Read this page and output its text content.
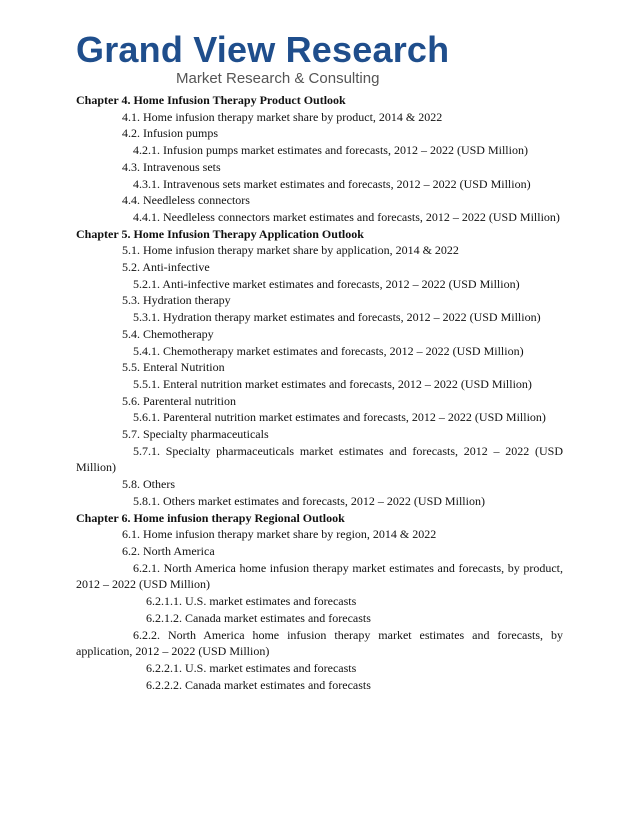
Grand View Research
Market Research & Consulting
Chapter 4. Home Infusion Therapy Product Outlook
4.1. Home infusion therapy market share by product, 2014 & 2022
4.2. Infusion pumps
4.2.1. Infusion pumps market estimates and forecasts, 2012 – 2022 (USD Million)
4.3. Intravenous sets
4.3.1. Intravenous sets market estimates and forecasts, 2012 – 2022 (USD Million)
4.4. Needleless connectors
4.4.1. Needleless connectors market estimates and forecasts, 2012 – 2022 (USD Million)
Chapter 5. Home Infusion Therapy Application Outlook
5.1. Home infusion therapy market share by application, 2014 & 2022
5.2. Anti-infective
5.2.1. Anti-infective market estimates and forecasts, 2012 – 2022 (USD Million)
5.3. Hydration therapy
5.3.1. Hydration therapy market estimates and forecasts, 2012 – 2022 (USD Million)
5.4. Chemotherapy
5.4.1. Chemotherapy market estimates and forecasts, 2012 – 2022 (USD Million)
5.5. Enteral Nutrition
5.5.1. Enteral nutrition market estimates and forecasts, 2012 – 2022 (USD Million)
5.6. Parenteral nutrition
5.6.1. Parenteral nutrition market estimates and forecasts, 2012 – 2022 (USD Million)
5.7. Specialty pharmaceuticals
5.7.1. Specialty pharmaceuticals market estimates and forecasts, 2012 – 2022 (USD Million)
5.8. Others
5.8.1. Others market estimates and forecasts, 2012 – 2022 (USD Million)
Chapter 6. Home infusion therapy Regional Outlook
6.1. Home infusion therapy market share by region, 2014 & 2022
6.2. North America
6.2.1. North America home infusion therapy market estimates and forecasts, by product, 2012 – 2022 (USD Million)
6.2.1.1. U.S. market estimates and forecasts
6.2.1.2. Canada market estimates and forecasts
6.2.2. North America home infusion therapy market estimates and forecasts, by application, 2012 – 2022 (USD Million)
6.2.2.1. U.S. market estimates and forecasts
6.2.2.2. Canada market estimates and forecasts
